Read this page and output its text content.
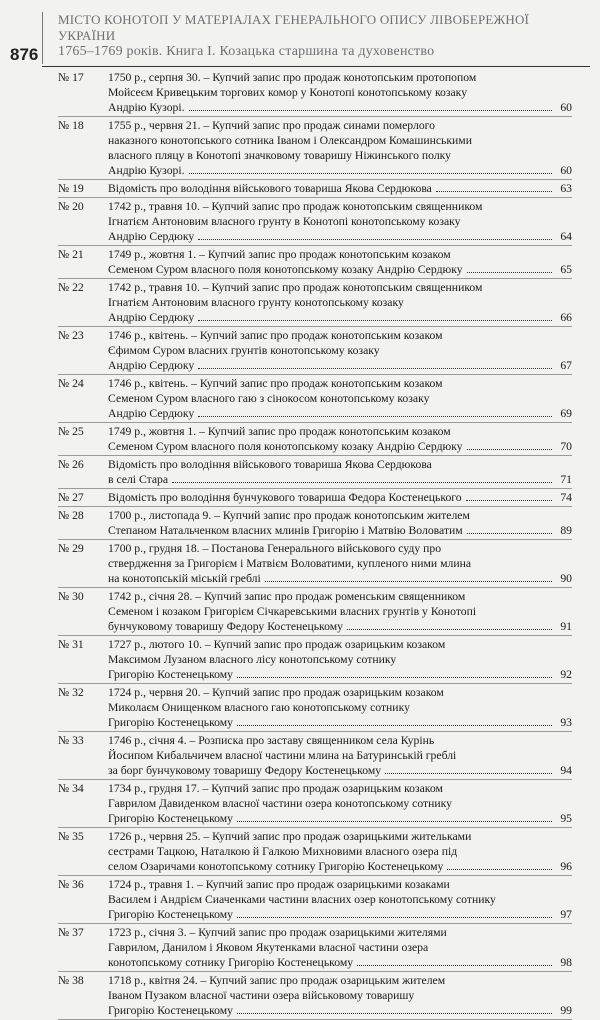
876
МІСТО КОНОТОП У МАТЕРІАЛАХ ГЕНЕРАЛЬНОГО ОПИСУ ЛІВОБЕРЕЖНОЇ УКРАЇНИ
1765–1769 років. Книга І. Козацька старшина та духовенство
№ 17	1750 р., серпня 30. – Купчий запис про продаж конотопським протопопом
Мойсеєм Кривецьким торгових комор у Конотопі конотопському козаку
Андрію Кузорі.	60
№ 18	1755 р., червня 21. – Купчий запис про продаж синами померлого
наказного конотопського сотника Іваном і Олександром Комашинськими
власного пляцу в Конотопі значковому товаришу Ніжинського полку
Андрію Кузорі.	60
№ 19	Відомість про володіння військового товариша Якова Сердюкова	63
№ 20	1742 р., травня 10. – Купчий запис про продаж конотопським священником
Ігнатієм Антоновим власного грунту в Конотопі конотопському козаку
Андрію Сердюку	64
№ 21	1749 р., жовтня 1. – Купчий запис про продаж конотопським козаком
Семеном Суром власного поля конотопському козаку Андрію Сердюку	65
№ 22	1742 р., травня 10. – Купчий запис про продаж конотопським священником
Ігнатієм Антоновим власного грунту конотопському козаку
Андрію Сердюку	66
№ 23	1746 р., квітень. – Купчий запис про продаж конотопським козаком
Єфимом Суром власних грунтів конотопському козаку
Андрію Сердюку	67
№ 24	1746 р., квітень. – Купчий запис про продаж конотопським козаком
Семеном Суром власного гаю з сінокосом конотопському козаку
Андрію Сердюку	69
№ 25	1749 р., жовтня 1. – Купчий запис про продаж конотопським козаком
Семеном Суром власного поля конотопському козаку Андрію Сердюку	70
№ 26	Відомість про володіння військового товариша Якова Сердюкова
в селі Стара	71
№ 27	Відомість про володіння бунчукового товариша Федора Костенецького	74
№ 28	1700 р., листопада 9. – Купчий запис про продаж конотопським жителем
Степаном Натальченком власних млинів Григорію і Матвію Воловатим	89
№ 29	1700 р., грудня 18. – Постанова Генерального військового суду про
ствердження за Григорієм і Матвієм Воловатими, купленого ними млина
на конотопській міській греблі	90
№ 30	1742 р., січня 28. – Купчий запис про продаж роменським священником
Семеном і козаком Григорієм Січкаревськими власних грунтів у Конотопі
бунчуковому товаришу Федору Костенецькому	91
№ 31	1727 р., лютого 10. – Купчий запис про продаж озарицьким козаком
Максимом Лузаном власного лісу конотопському сотнику
Григорію Костенецькому	92
№ 32	1724 р., червня 20. – Купчий запис про продаж озарицьким козаком
Миколаєм Онищенком власного гаю конотопському сотнику
Григорію Костенецькому	93
№ 33	1746 р., січня 4. – Розписка про заставу священником села Курінь
Йосипом Кибальчичем власної частини млина на Батуринській греблі
за борг бунчуковому товаришу Федору Костенецькому	94
№ 34	1734 р., грудня 17. – Купчий запис про продаж озарицьким козаком
Гаврилом Давиденком власної частини озера конотопському сотнику
Григорію Костенецькому	95
№ 35	1726 р., червня 25. – Купчий запис про продаж озарицькими жительками
сестрами Тацкою, Наталкою й Галкою Михновими власного озера під
селом Озаричами конотопському сотнику Григорію Костенецькому	96
№ 36	1724 р., травня 1. – Купчий запис про продаж озарицькими козаками
Василем і Андрієм Сиаченками частини власних озер конотопському сотнику
Григорію Костенецькому	97
№ 37	1723 р., січня 3. – Купчий запис про продаж озарицькими жителями
Гаврилом, Данилом і Яковом Якутенками власної частини озера
конотопському сотнику Григорію Костенецькому	98
№ 38	1718 р., квітня 24. – Купчий запис про продаж озарицьким жителем
Іваном Пузаком власної частини озера військовому товаришу
Григорію Костенецькому	99
